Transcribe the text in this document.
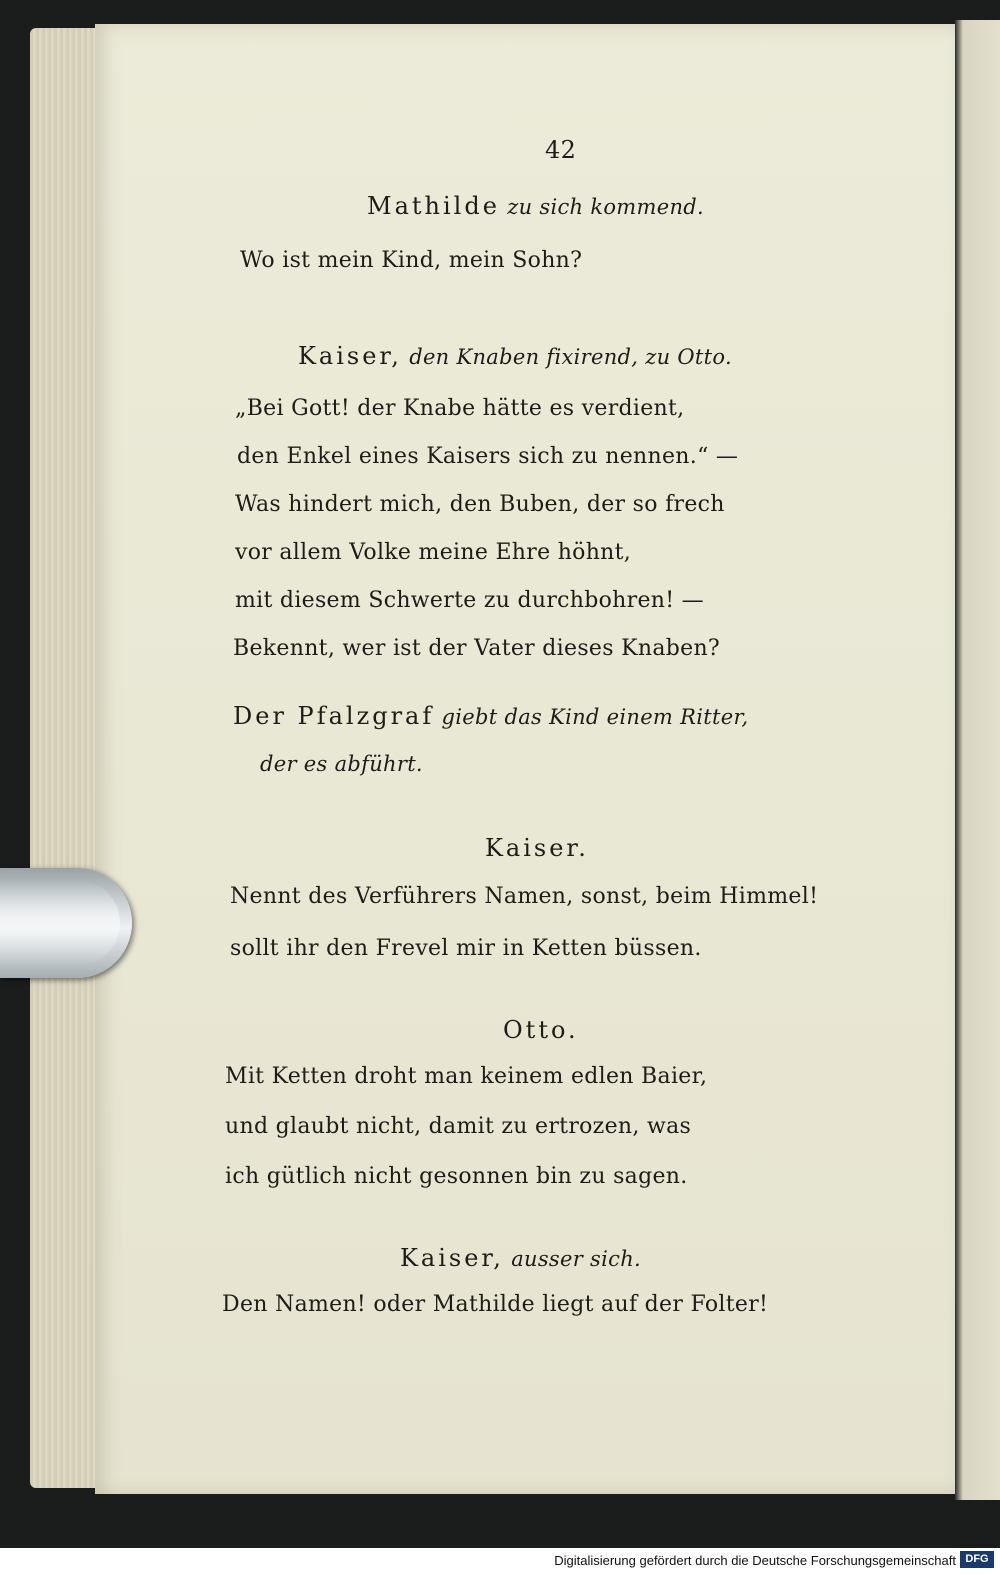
42
Mathilde zu sich kommend.
Wo ist mein Kind, mein Sohn?
Kaiser, den Knaben fixirend, zu Otto.
„Bei Gott! der Knabe hätte es verdient,
den Enkel eines Kaisers sich zu nennen.“ —
Was hindert mich, den Buben, der so frech
vor allem Volke meine Ehre höhnt,
mit diesem Schwerte zu durchbohren! —
Bekennt, wer ist der Vater dieses Knaben?
Der Pfalzgraf giebt das Kind einem Ritter,
der es abführt.
Kaiser.
Nennt des Verführers Namen, sonst, beim Himmel!
sollt ihr den Frevel mir in Ketten büssen.
Otto.
Mit Ketten droht man keinem edlen Baier,
und glaubt nicht, damit zu ertrozen, was
ich gütlich nicht gesonnen bin zu sagen.
Kaiser, ausser sich.
Den Namen! oder Mathilde liegt auf der Folter!
Digitalisierung gefördert durch die Deutsche Forschungsgemeinschaft DFG
